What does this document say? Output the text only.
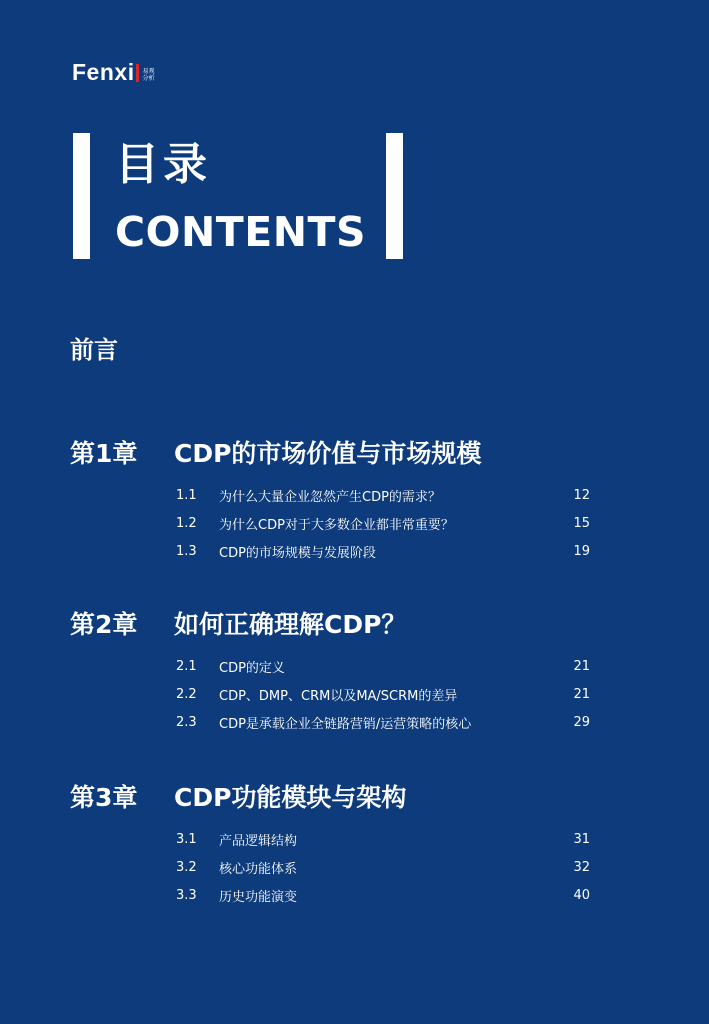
Fenx i 易观
分析
目录
CONTENTS
前言
第1章	CDP的市场价值与市场规模
1.1	为什么大量企业忽然产生CDP的需求？	12
1.2	为什么CDP对于大多数企业都非常重要？	15
1.3	CDP的市场规模与发展阶段	19
第2章	如何正确理解CDP？
2.1	CDP的定义	21
2.2	CDP、DMP、CRM以及MA/SCRM的差异	21
2.3	CDP是承载企业全链路营销/运营策略的核心	29
第3章	CDP功能模块与架构
3.1	产品逻辑结构	31
3.2	核心功能体系	32
3.3	历史功能演变	40
